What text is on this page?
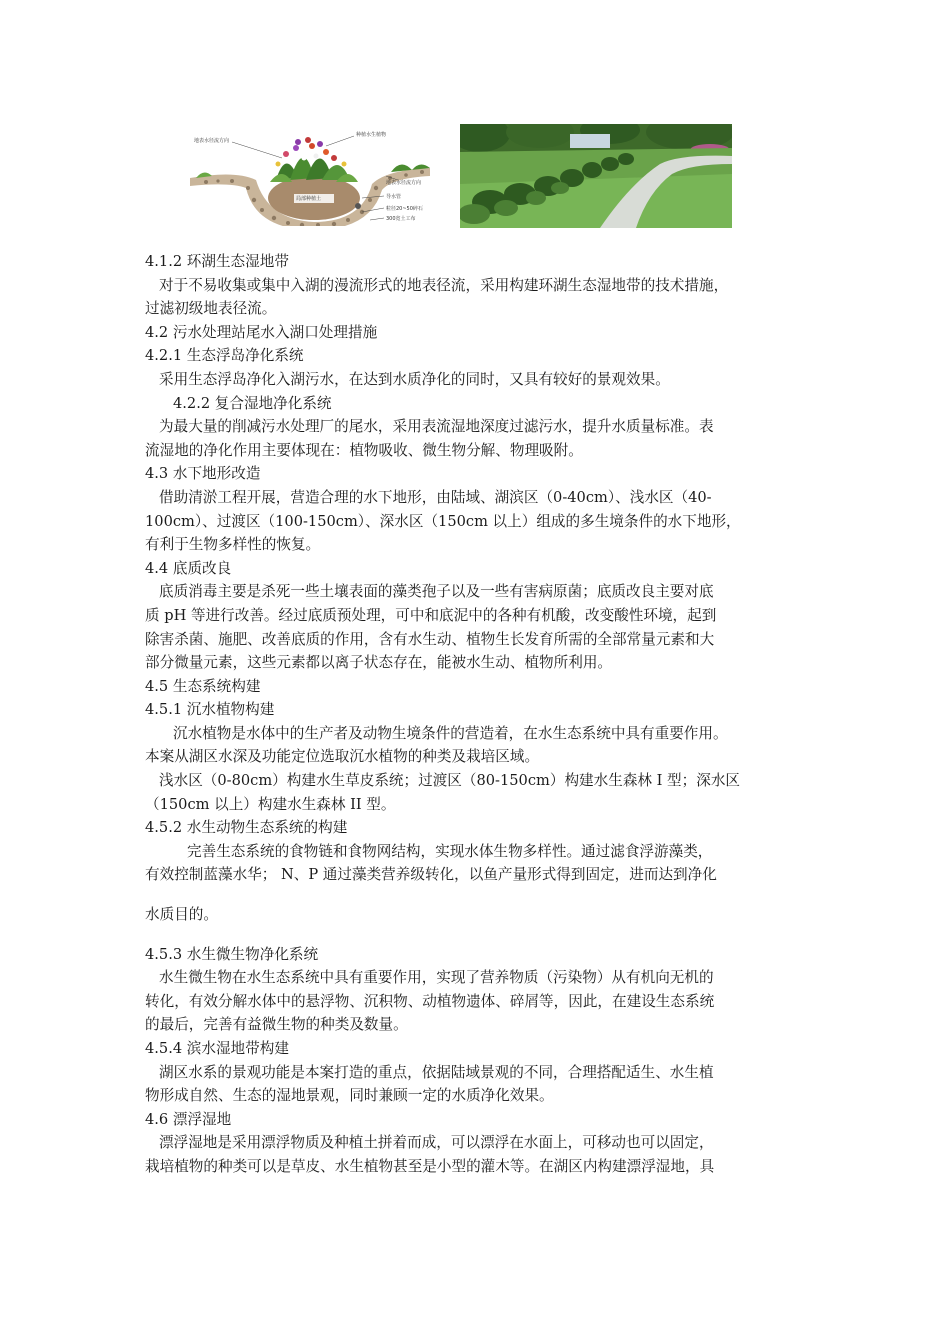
地表水径流方向
种植水生植物
地表水径流方向
局部种植土	导水管
粒径20~50碎石
300宽土工布

4.1.2 环湖生态湿地带

对于不易收集或集中入湖的漫流形式的地表径流，采用构建环湖生态湿地带的技术措施，

过滤初级地表径流。

4.2 污水处理站尾水入湖口处理措施

4.2.1 生态浮岛净化系统

采用生态浮岛净化入湖污水，在达到水质净化的同时，又具有较好的景观效果。

4.2.2 复合湿地净化系统

为最大量的削减污水处理厂的尾水，采用表流湿地深度过滤污水，提升水质量标准。表

流湿地的净化作用主要体现在：植物吸收、微生物分解、物理吸附。

4.3 水下地形改造

借助清淤工程开展，营造合理的水下地形，由陆域、湖滨区（0-40cm）、浅水区（40-

100cm）、过渡区（100-150cm）、深水区（150cm 以上）组成的多生境条件的水下地形，

有利于生物多样性的恢复。

4.4 底质改良

底质消毒主要是杀死一些土壤表面的藻类孢子以及一些有害病原菌；底质改良主要对底

质 pH 等进行改善。经过底质预处理，可中和底泥中的各种有机酸，改变酸性环境，起到

除害杀菌、施肥、改善底质的作用，含有水生动、植物生长发育所需的全部常量元素和大

部分微量元素，这些元素都以离子状态存在，能被水生动、植物所利用。

4.5 生态系统构建

4.5.1 沉水植物构建

沉水植物是水体中的生产者及动物生境条件的营造着，在水生态系统中具有重要作用。

本案从湖区水深及功能定位选取沉水植物的种类及栽培区域。

浅水区（0-80cm）构建水生草皮系统；过渡区（80-150cm）构建水生森林 I 型；深水区

（150cm 以上）构建水生森林 II 型。

4.5.2 水生动物生态系统的构建

完善生态系统的食物链和食物网结构，实现水体生物多样性。通过滤食浮游藻类，

有效控制蓝藻水华； N、P 通过藻类营养级转化，以鱼产量形式得到固定，进而达到净化

水质目的。

4.5.3 水生微生物净化系统

水生微生物在水生态系统中具有重要作用，实现了营养物质（污染物）从有机向无机的

转化，有效分解水体中的悬浮物、沉积物、动植物遗体、碎屑等，因此，在建设生态系统

的最后，完善有益微生物的种类及数量。

4.5.4 滨水湿地带构建

湖区水系的景观功能是本案打造的重点，依据陆域景观的不同，合理搭配适生、水生植

物形成自然、生态的湿地景观，同时兼顾一定的水质净化效果。

4.6 漂浮湿地

漂浮湿地是采用漂浮物质及种植土拼着而成，可以漂浮在水面上，可移动也可以固定，

栽培植物的种类可以是草皮、水生植物甚至是小型的灌木等。在湖区内构建漂浮湿地，具
